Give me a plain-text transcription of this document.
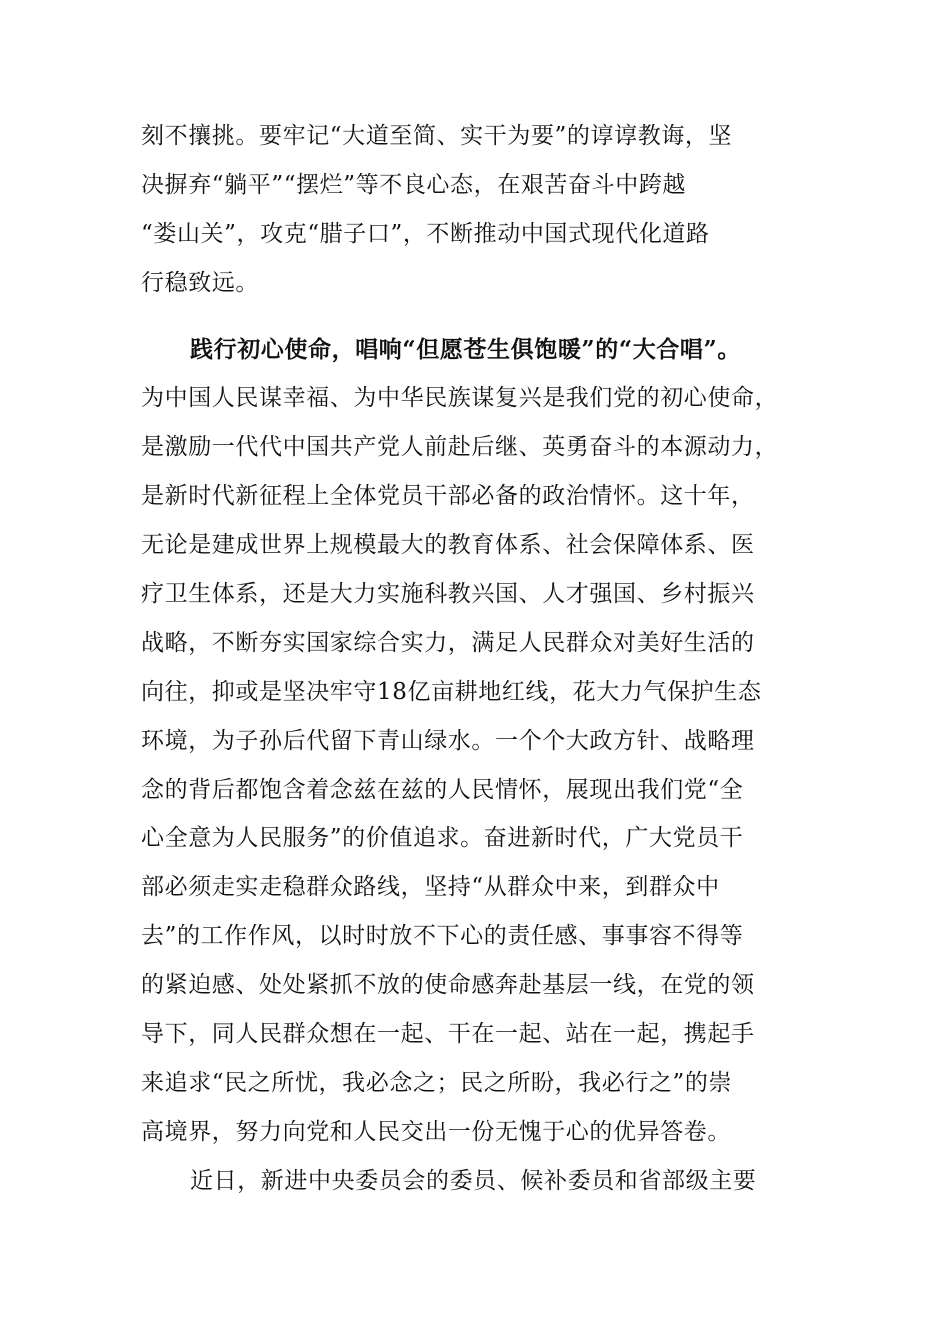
刻不攘挑。要牢记“大道至简、实干为要”的谆谆教诲，坚
决摒弃“躺平”“摆烂”等不良心态，在艰苦奋斗中跨越
“娄山关”，攻克“腊子口”，不断推动中国式现代化道路
行稳致远。
践行初心使命，唱响“但愿苍生俱饱暖”的“大合唱”。
为中国人民谋幸福、为中华民族谋复兴是我们党的初心使命，
是激励一代代中国共产党人前赴后继、英勇奋斗的本源动力，
是新时代新征程上全体党员干部必备的政治情怀。这十年，
无论是建成世界上规模最大的教育体系、社会保障体系、医
疗卫生体系，还是大力实施科教兴国、人才强国、乡村振兴
战略，不断夯实国家综合实力，满足人民群众对美好生活的
向往，抑或是坚决牢守18亿亩耕地红线，花大力气保护生态
环境，为子孙后代留下青山绿水。一个个大政方针、战略理
念的背后都饱含着念兹在兹的人民情怀，展现出我们党“全
心全意为人民服务”的价值追求。奋进新时代，广大党员干
部必须走实走稳群众路线，坚持“从群众中来，到群众中
去”的工作作风，以时时放不下心的责任感、事事容不得等
的紧迫感、处处紧抓不放的使命感奔赴基层一线，在党的领
导下，同人民群众想在一起、干在一起、站在一起，携起手
来追求“民之所忧，我必念之；民之所盼，我必行之”的崇
高境界，努力向党和人民交出一份无愧于心的优异答卷。
近日，新进中央委员会的委员、候补委员和省部级主要
